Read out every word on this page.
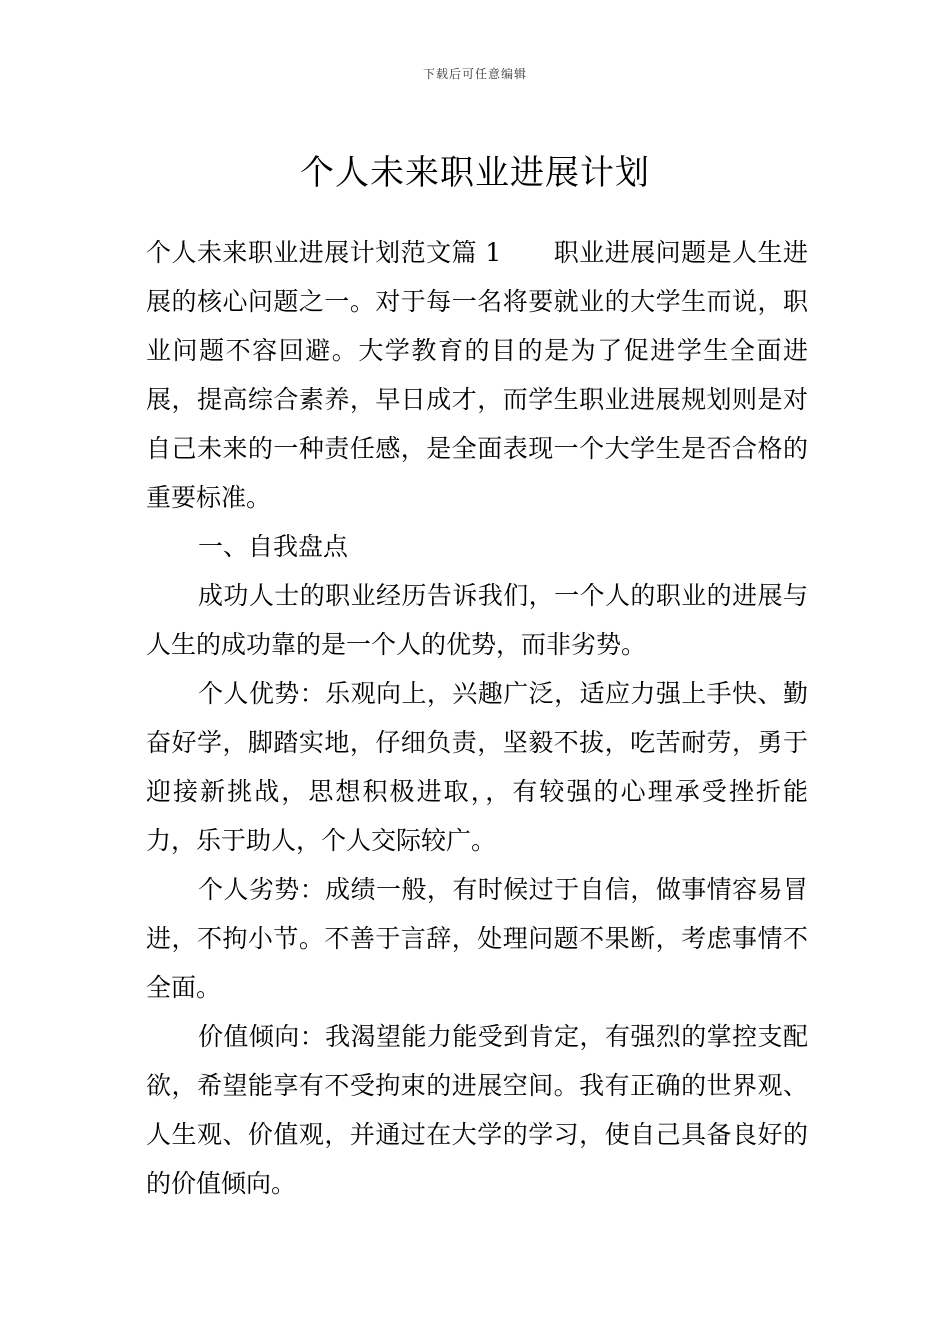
下载后可任意编辑
个人未来职业进展计划

个人未来职业进展计划范文篇 1 职业进展问题是人生进展的核心问题之一。对于每一名将要就业的大学生而说，职业问题不容回避。大学教育的目的是为了促进学生全面进展，提高综合素养，早日成才，而学生职业进展规划则是对自己未来的一种责任感，是全面表现一个大学生是否合格的重要标准。

一、自我盘点

成功人士的职业经历告诉我们，一个人的职业的进展与人生的成功靠的是一个人的优势，而非劣势。

个人优势：乐观向上，兴趣广泛，适应力强上手快、勤奋好学，脚踏实地，仔细负责，坚毅不拔，吃苦耐劳，勇于迎接新挑战，思想积极进取，，有较强的心理承受挫折能力，乐于助人，个人交际较广。

个人劣势：成绩一般，有时候过于自信，做事情容易冒进，不拘小节。不善于言辞，处理问题不果断，考虑事情不全面。

价值倾向：我渴望能力能受到肯定，有强烈的掌控支配欲，希望能享有不受拘束的进展空间。我有正确的世界观、人生观、价值观，并通过在大学的学习，使自己具备良好的的价值倾向。
